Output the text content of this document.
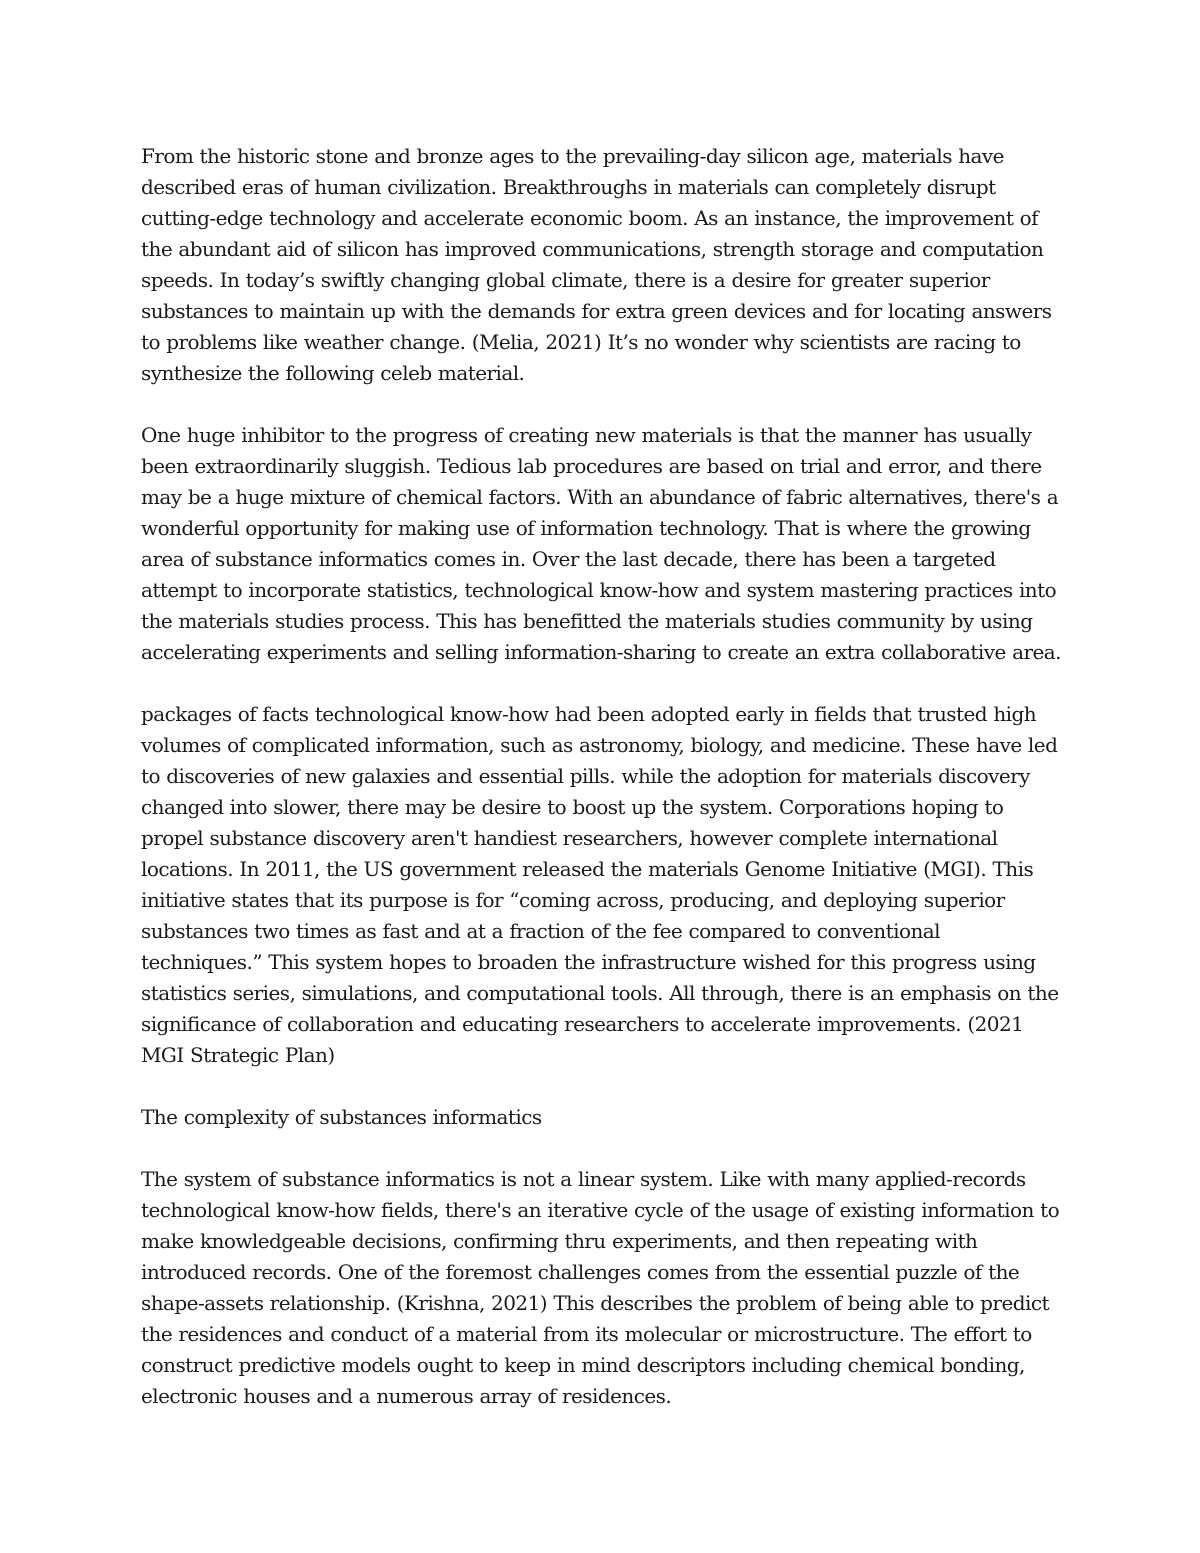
From the historic stone and bronze ages to the prevailing-day silicon age, materials have described eras of human civilization. Breakthroughs in materials can completely disrupt cutting-edge technology and accelerate economic boom. As an instance, the improvement of the abundant aid of silicon has improved communications, strength storage and computation speeds. In today’s swiftly changing global climate, there is a desire for greater superior substances to maintain up with the demands for extra green devices and for locating answers to problems like weather change. (Melia, 2021) It’s no wonder why scientists are racing to synthesize the following celeb material.

One huge inhibitor to the progress of creating new materials is that the manner has usually been extraordinarily sluggish. Tedious lab procedures are based on trial and error, and there may be a huge mixture of chemical factors. With an abundance of fabric alternatives, there's a wonderful opportunity for making use of information technology. That is where the growing area of substance informatics comes in. Over the last decade, there has been a targeted attempt to incorporate statistics, technological know-how and system mastering practices into the materials studies process. This has benefitted the materials studies community by using accelerating experiments and selling information-sharing to create an extra collaborative area.

packages of facts technological know-how had been adopted early in fields that trusted high volumes of complicated information, such as astronomy, biology, and medicine. These have led to discoveries of new galaxies and essential pills. while the adoption for materials discovery changed into slower, there may be desire to boost up the system. Corporations hoping to propel substance discovery aren't handiest researchers, however complete international locations. In 2011, the US government released the materials Genome Initiative (MGI). This initiative states that its purpose is for “coming across, producing, and deploying superior substances two times as fast and at a fraction of the fee compared to conventional techniques.” This system hopes to broaden the infrastructure wished for this progress using statistics series, simulations, and computational tools. All through, there is an emphasis on the significance of collaboration and educating researchers to accelerate improvements. (2021 MGI Strategic Plan)

The complexity of substances informatics

The system of substance informatics is not a linear system. Like with many applied-records technological know-how fields, there's an iterative cycle of the usage of existing information to make knowledgeable decisions, confirming thru experiments, and then repeating with introduced records. One of the foremost challenges comes from the essential puzzle of the shape-assets relationship. (Krishna, 2021) This describes the problem of being able to predict the residences and conduct of a material from its molecular or microstructure. The effort to construct predictive models ought to keep in mind descriptors including chemical bonding, electronic houses and a numerous array of residences.
